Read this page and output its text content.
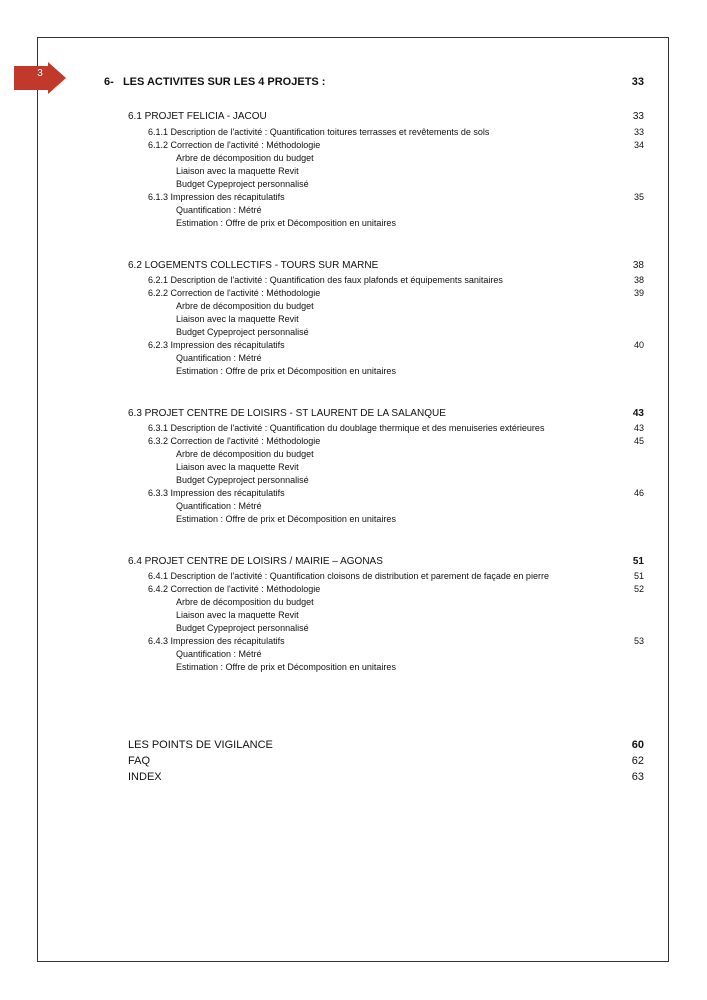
3
6-   LES ACTIVITES SUR LES 4 PROJETS :	33
6.1 PROJET FELICIA - JACOU	33
6.1.1 Description de l'activité : Quantification toitures terrasses et revêtements de sols	33
6.1.2 Correction de l'activité : Méthodologie	34
Arbre de décomposition du budget
Liaison avec la maquette Revit
Budget Cypeproject personnalisé
6.1.3 Impression des récapitulatifs	35
Quantification : Métré
Estimation : Offre de prix et Décomposition en unitaires
6.2 LOGEMENTS COLLECTIFS - TOURS SUR MARNE	38
6.2.1 Description de l'activité : Quantification des faux plafonds et équipements sanitaires	38
6.2.2 Correction de l'activité : Méthodologie	39
Arbre de décomposition du budget
Liaison avec la maquette Revit
Budget Cypeproject personnalisé
6.2.3 Impression des récapitulatifs	40
Quantification : Métré
Estimation : Offre de prix et Décomposition en unitaires
6.3 PROJET CENTRE DE LOISIRS - ST LAURENT DE LA SALANQUE	43
6.3.1 Description de l'activité : Quantification du doublage thermique et des menuiseries extérieures	43
6.3.2 Correction de l'activité : Méthodologie	45
Arbre de décomposition du budget
Liaison avec la maquette Revit
Budget Cypeproject personnalisé
6.3.3 Impression des récapitulatifs	46
Quantification : Métré
Estimation : Offre de prix et Décomposition en unitaires
6.4 PROJET CENTRE DE LOISIRS / MAIRIE – AGONAS	51
6.4.1 Description de l'activité : Quantification cloisons de distribution et parement de façade en pierre	51
6.4.2 Correction de l'activité : Méthodologie	52
Arbre de décomposition du budget
Liaison avec la maquette Revit
Budget Cypeproject personnalisé
6.4.3 Impression des récapitulatifs	53
Quantification : Métré
Estimation : Offre de prix et Décomposition en unitaires
LES POINTS DE VIGILANCE	60
FAQ	62
INDEX	63
